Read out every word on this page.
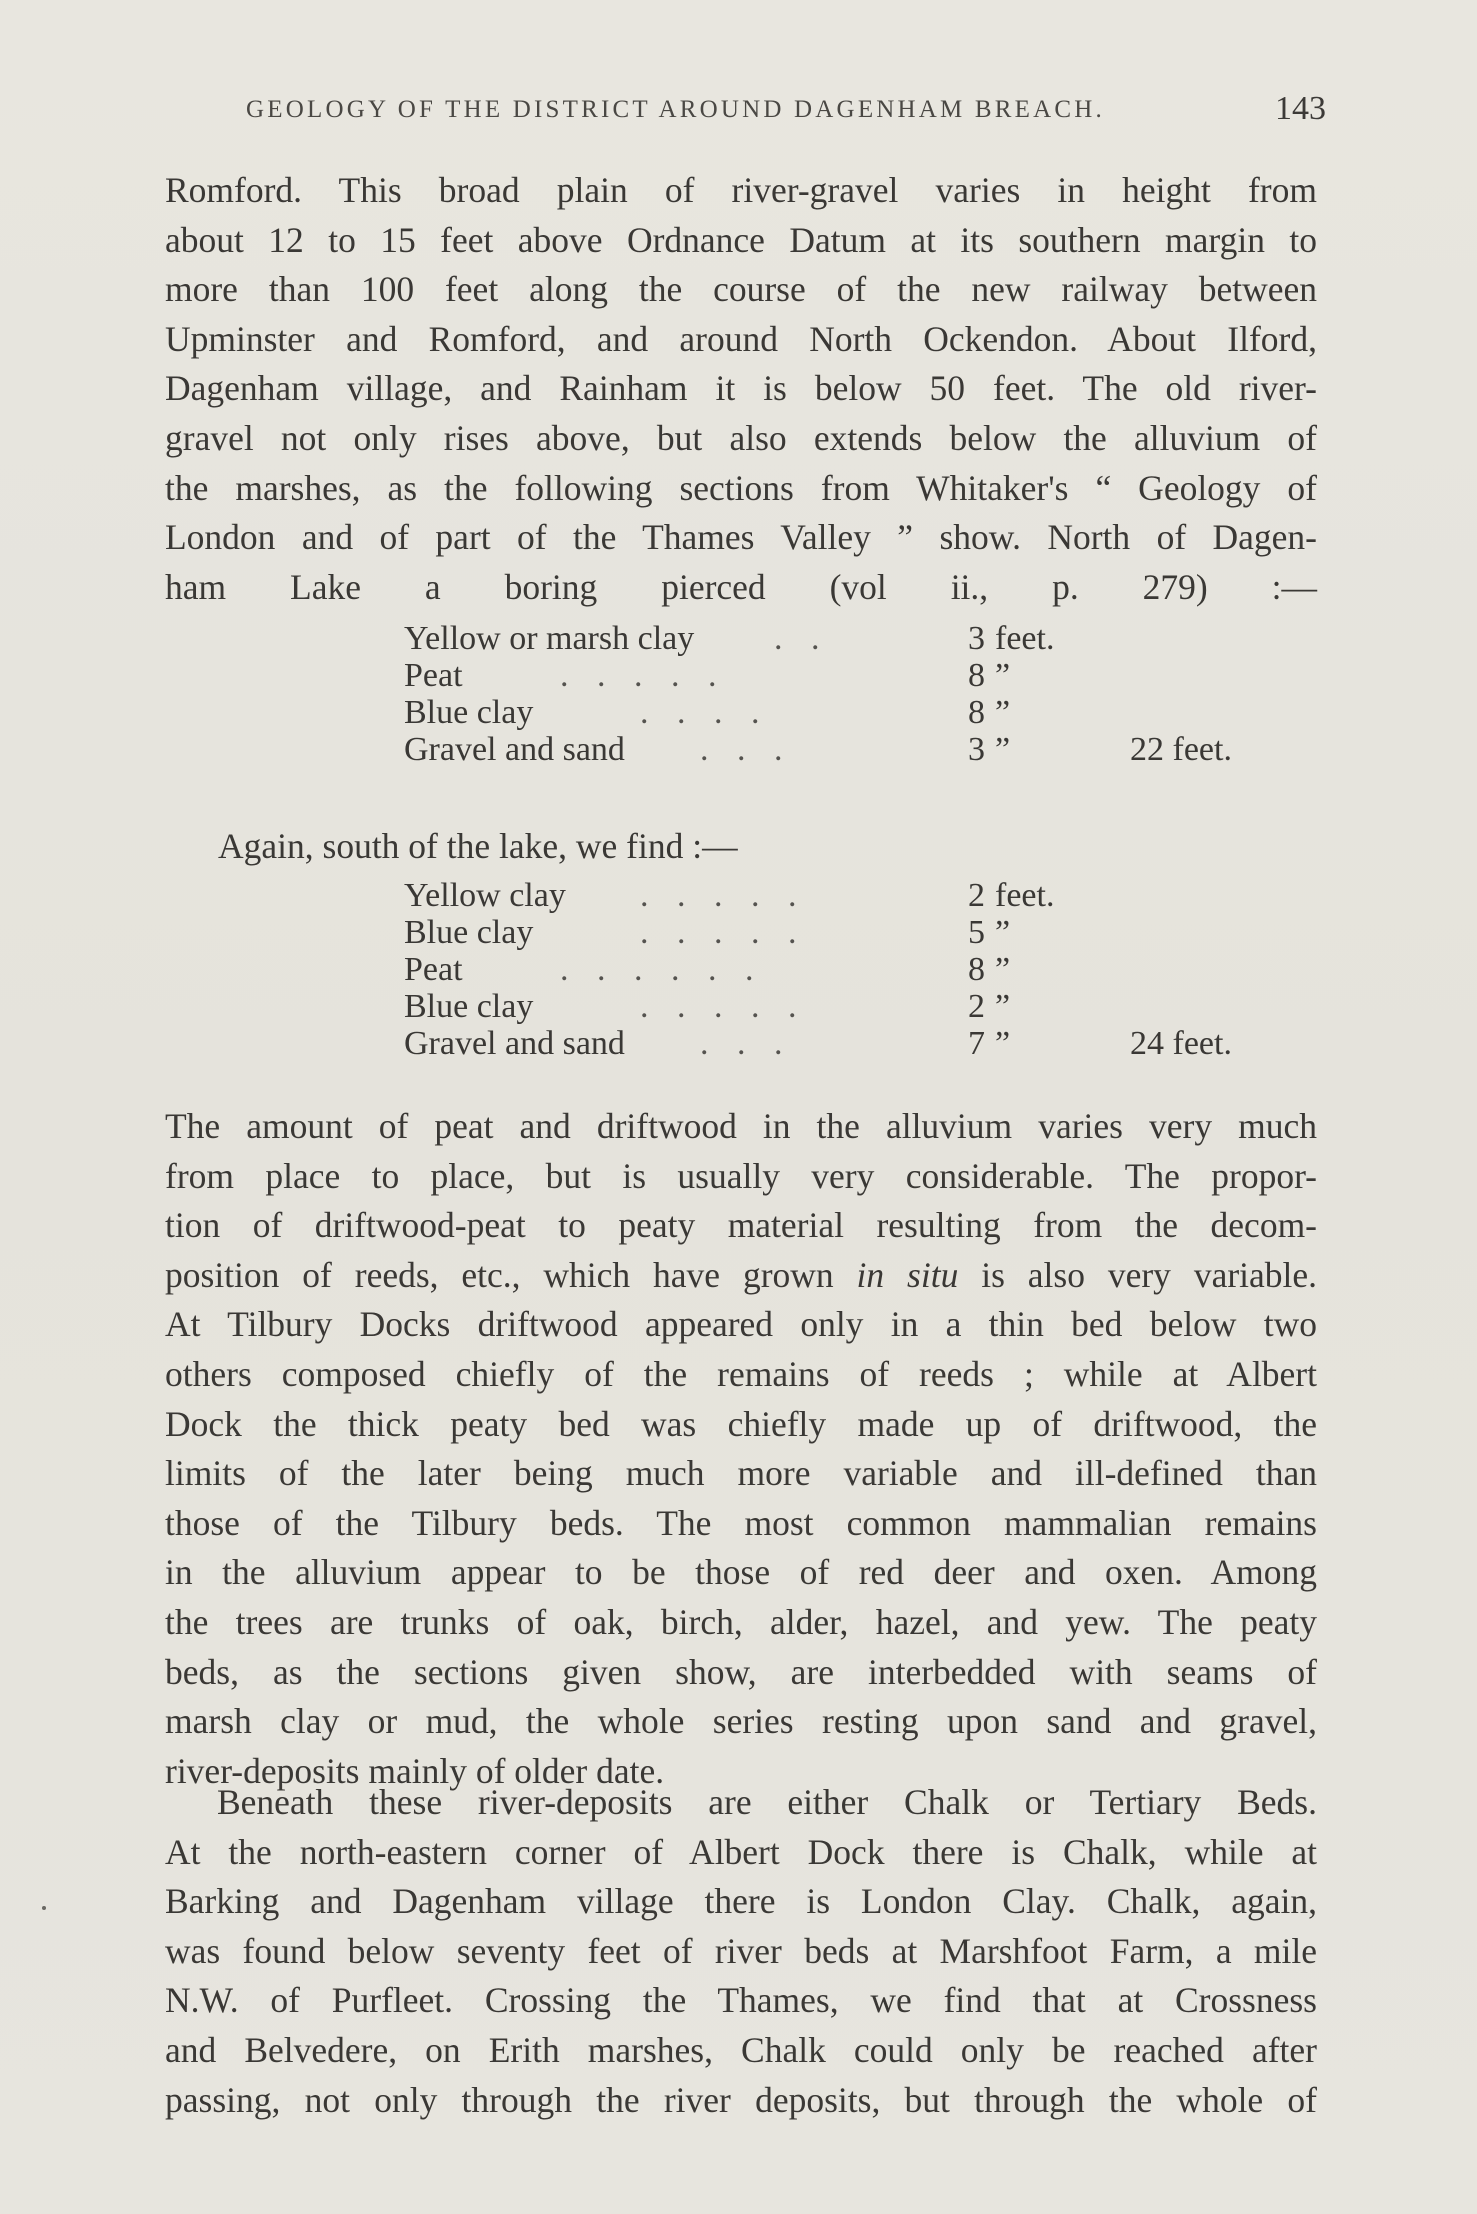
GEOLOGY OF THE DISTRICT AROUND DAGENHAM BREACH.	143
Romford. This broad plain of river-gravel varies in height from
about 12 to 15 feet above Ordnance Datum at its southern margin to
more than 100 feet along the course of the new railway between
Upminster and Romford, and around North Ockendon. About Ilford,
Dagenham village, and Rainham it is below 50 feet. The old river-
gravel not only rises above, but also extends below the alluvium of
the marshes, as the following sections from Whitaker's “ Geology of
London and of part of the Thames Valley ” show. North of Dagen-
ham Lake a boring pierced (vol ii., p. 279) :—
Yellow or marsh clay . .	3 feet.
Peat	. . . . .	8 ”
Blue clay	. . . .	8 ”
Gravel and sand . . .	3 ”	22 feet.
Again, south of the lake, we find :—
Yellow clay . . . . .	2 feet.
Blue clay	. . . . .	5 ”
Peat	. . . . . .	8 ”
Blue clay	. . . . .	2 ”
Gravel and sand . . .	7 ”	24 feet.
The amount of peat and driftwood in the alluvium varies very much
from place to place, but is usually very considerable. The propor-
tion of driftwood-peat to peaty material resulting from the decom-
position of reeds, etc., which have grown in situ is also very variable.
At Tilbury Docks driftwood appeared only in a thin bed below two
others composed chiefly of the remains of reeds ; while at Albert
Dock the thick peaty bed was chiefly made up of driftwood, the
limits of the later being much more variable and ill-defined than
those of the Tilbury beds. The most common mammalian remains
in the alluvium appear to be those of red deer and oxen. Among
the trees are trunks of oak, birch, alder, hazel, and yew. The peaty
beds, as the sections given show, are interbedded with seams of
marsh clay or mud, the whole series resting upon sand and gravel,
river-deposits mainly of older date.
Beneath these river-deposits are either Chalk or Tertiary Beds.
At the north-eastern corner of Albert Dock there is Chalk, while at
Barking and Dagenham village there is London Clay. Chalk, again,
was found below seventy feet of river beds at Marshfoot Farm, a mile
N.W. of Purfleet. Crossing the Thames, we find that at Crossness
and Belvedere, on Erith marshes, Chalk could only be reached after
passing, not only through the river deposits, but through the whole of
